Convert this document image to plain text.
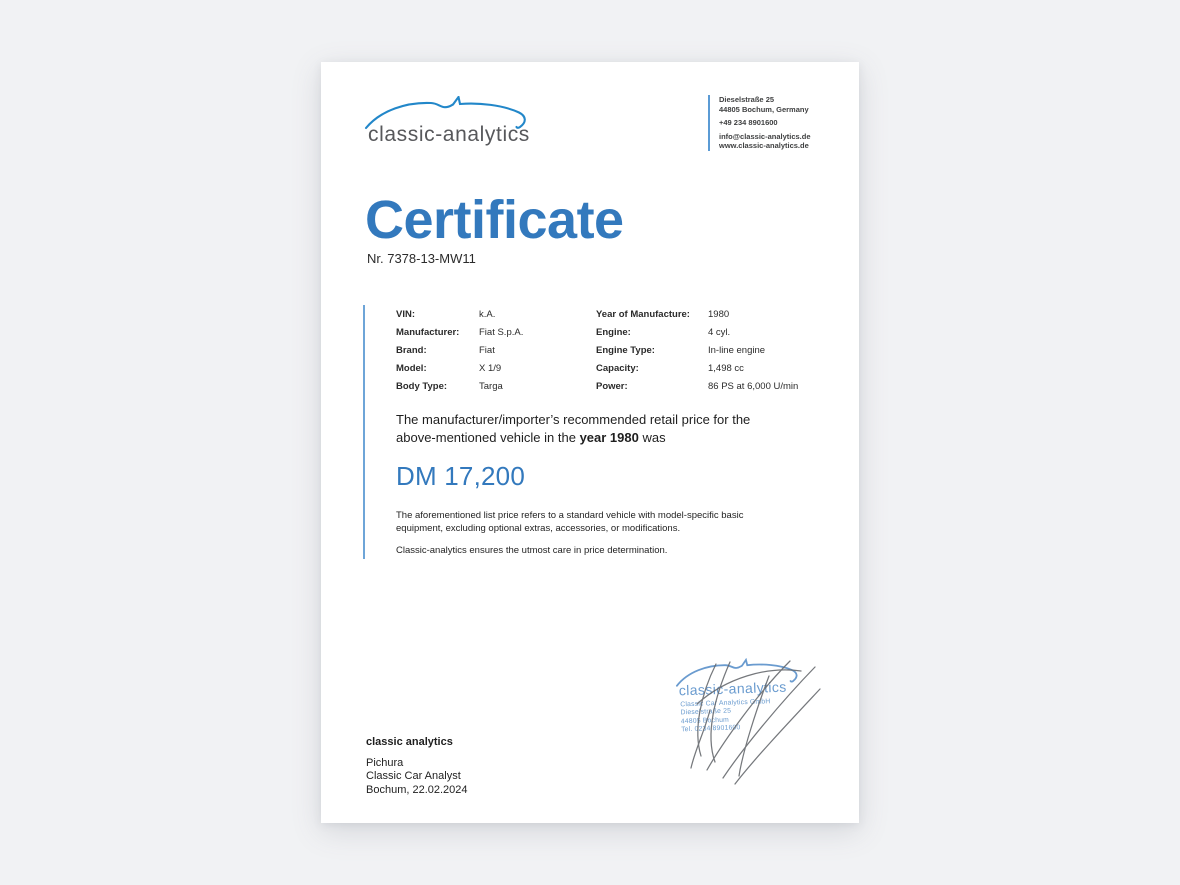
classic-analytics
Dieselstraße 25
44805 Bochum, Germany
+49 234 8901600
info@classic-analytics.de
www.classic-analytics.de
Certificate
Nr. 7378-13-MW11
VIN:	k.A.	Year of Manufacture:	1980
Manufacturer:	Fiat S.p.A.	Engine:	4 cyl.
Brand:	Fiat	Engine Type:	In-line engine
Model:	X 1/9	Capacity:	1,498 cc
Body Type:	Targa	Power:	86 PS at 6,000 U/min

The manufacturer/importer’s recommended retail price for the above-mentioned vehicle in the year 1980 was

DM 17,200

The aforementioned list price refers to a standard vehicle with model-specific basic equipment, excluding optional extras, accessories, or modifications.

Classic-analytics ensures the utmost care in price determination.

classic-analytics
Classic Car Analytics GmbH
Dieselstraße 25
44805 Bochum
Tel. 0234 8901600
classic analytics
Pichura
Classic Car Analyst
Bochum, 22.02.2024
